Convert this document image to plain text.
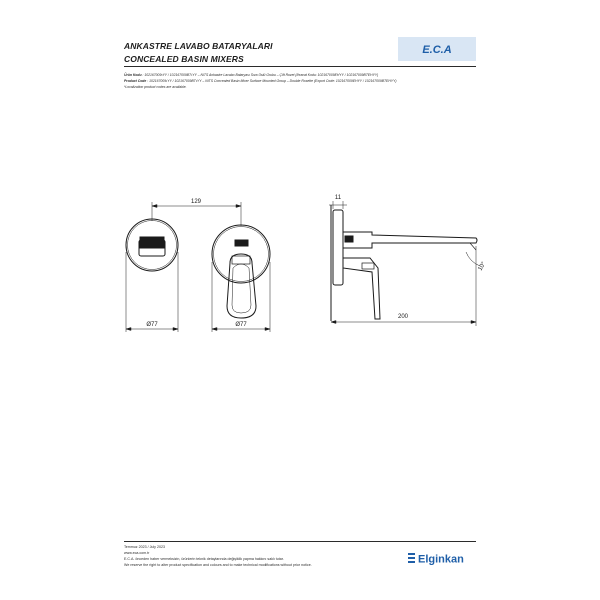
ANKASTRE LAVABO BATARYALARI
CONCEALED BASIN MIXERS
E.C.A
Ürün Kodu : 102167009•YY / 102167009BT•YY – NITS Ankastre Lavabo Bataryası Sıva Üstü Grubu – Çift Rozet (İhracat Kodu: 102167009EHYY / 102167009BTEHYY)
Product Code : 102167009•YY / 102167009BT•YY – NITS Concealed Basin Mixer Surface Mounted Group – Double Rosette (Export Code: 102167009EHYY / 102167009BTEHYY)
*Localization product codes are available.
129
Ø77	Ø77
11
200
10°
Temmuz 2023 / July 2023
www.eca.com.tr
E.C.A. önceden haber vermeksizin, ürünlerin teknik detaylarında değişiklik yapma hakkını saklı tutar.
We reserve the right to alter product specification and colours and to make technical modifications without prior notice.	Elginkan
